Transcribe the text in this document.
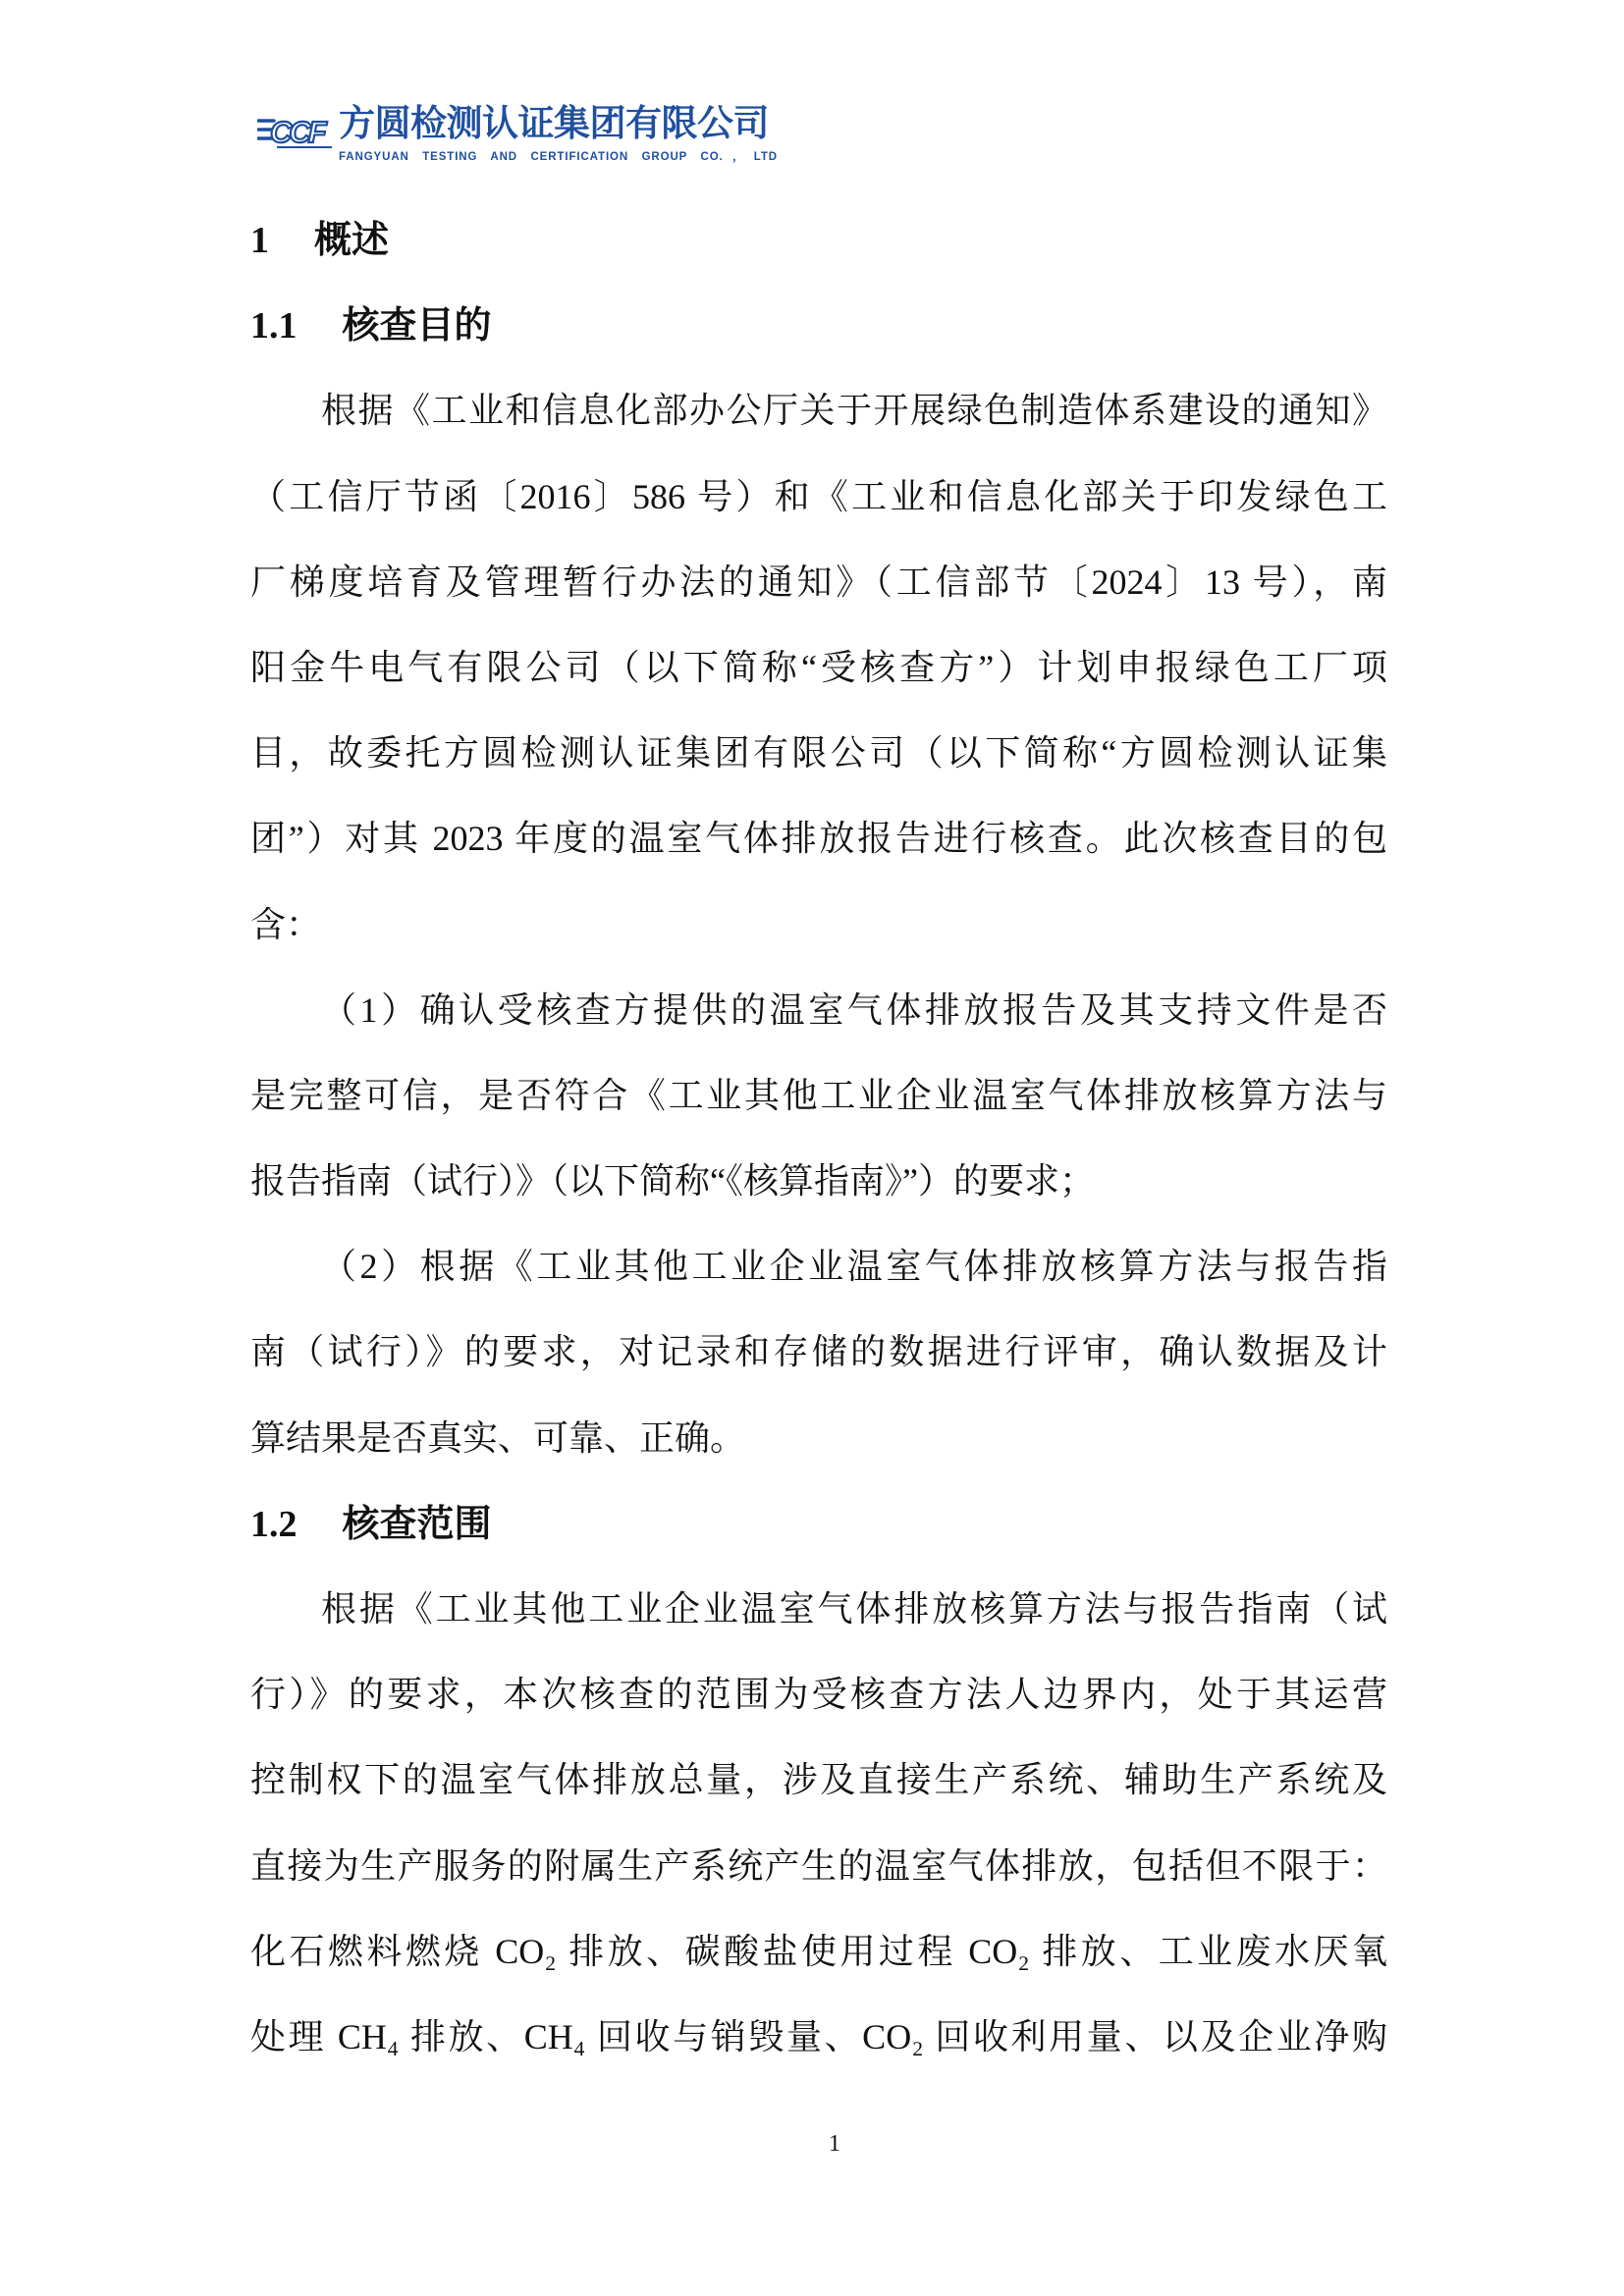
CCF 方圆检测认证集团有限公司
FANGYUAN TESTING AND CERTIFICATION GROUP CO.，LTD
1 概述
1.1 核查目的
根据《工业和信息化部办公厅关于开展绿色制造体系建设的通知》
（工信厅节函〔2016〕586 号）和《工业和信息化部关于印发绿色工
厂梯度培育及管理暂行办法的通知》（工信部节〔2024〕13 号），南
阳金牛电气有限公司（以下简称“受核查方”）计划申报绿色工厂项
目，故委托方圆检测认证集团有限公司（以下简称“方圆检测认证集
团”）对其 2023 年度的温室气体排放报告进行核查。此次核查目的包
含：
（1）确认受核查方提供的温室气体排放报告及其支持文件是否
是完整可信，是否符合《工业其他工业企业温室气体排放核算方法与
报告指南（试行）》（以下简称“《核算指南》”）的要求；
（2）根据《工业其他工业企业温室气体排放核算方法与报告指
南（试行）》的要求，对记录和存储的数据进行评审，确认数据及计
算结果是否真实、可靠、正确。
1.2 核查范围
根据《工业其他工业企业温室气体排放核算方法与报告指南（试
行）》的要求，本次核查的范围为受核查方法人边界内，处于其运营
控制权下的温室气体排放总量，涉及直接生产系统、辅助生产系统及
直接为生产服务的附属生产系统产生的温室气体排放，包括但不限于：
化石燃料燃烧 CO₂ 排放、碳酸盐使用过程 CO₂ 排放、工业废水厌氧
处理 CH₄ 排放、CH₄ 回收与销毁量、CO₂ 回收利用量、以及企业净购
1
